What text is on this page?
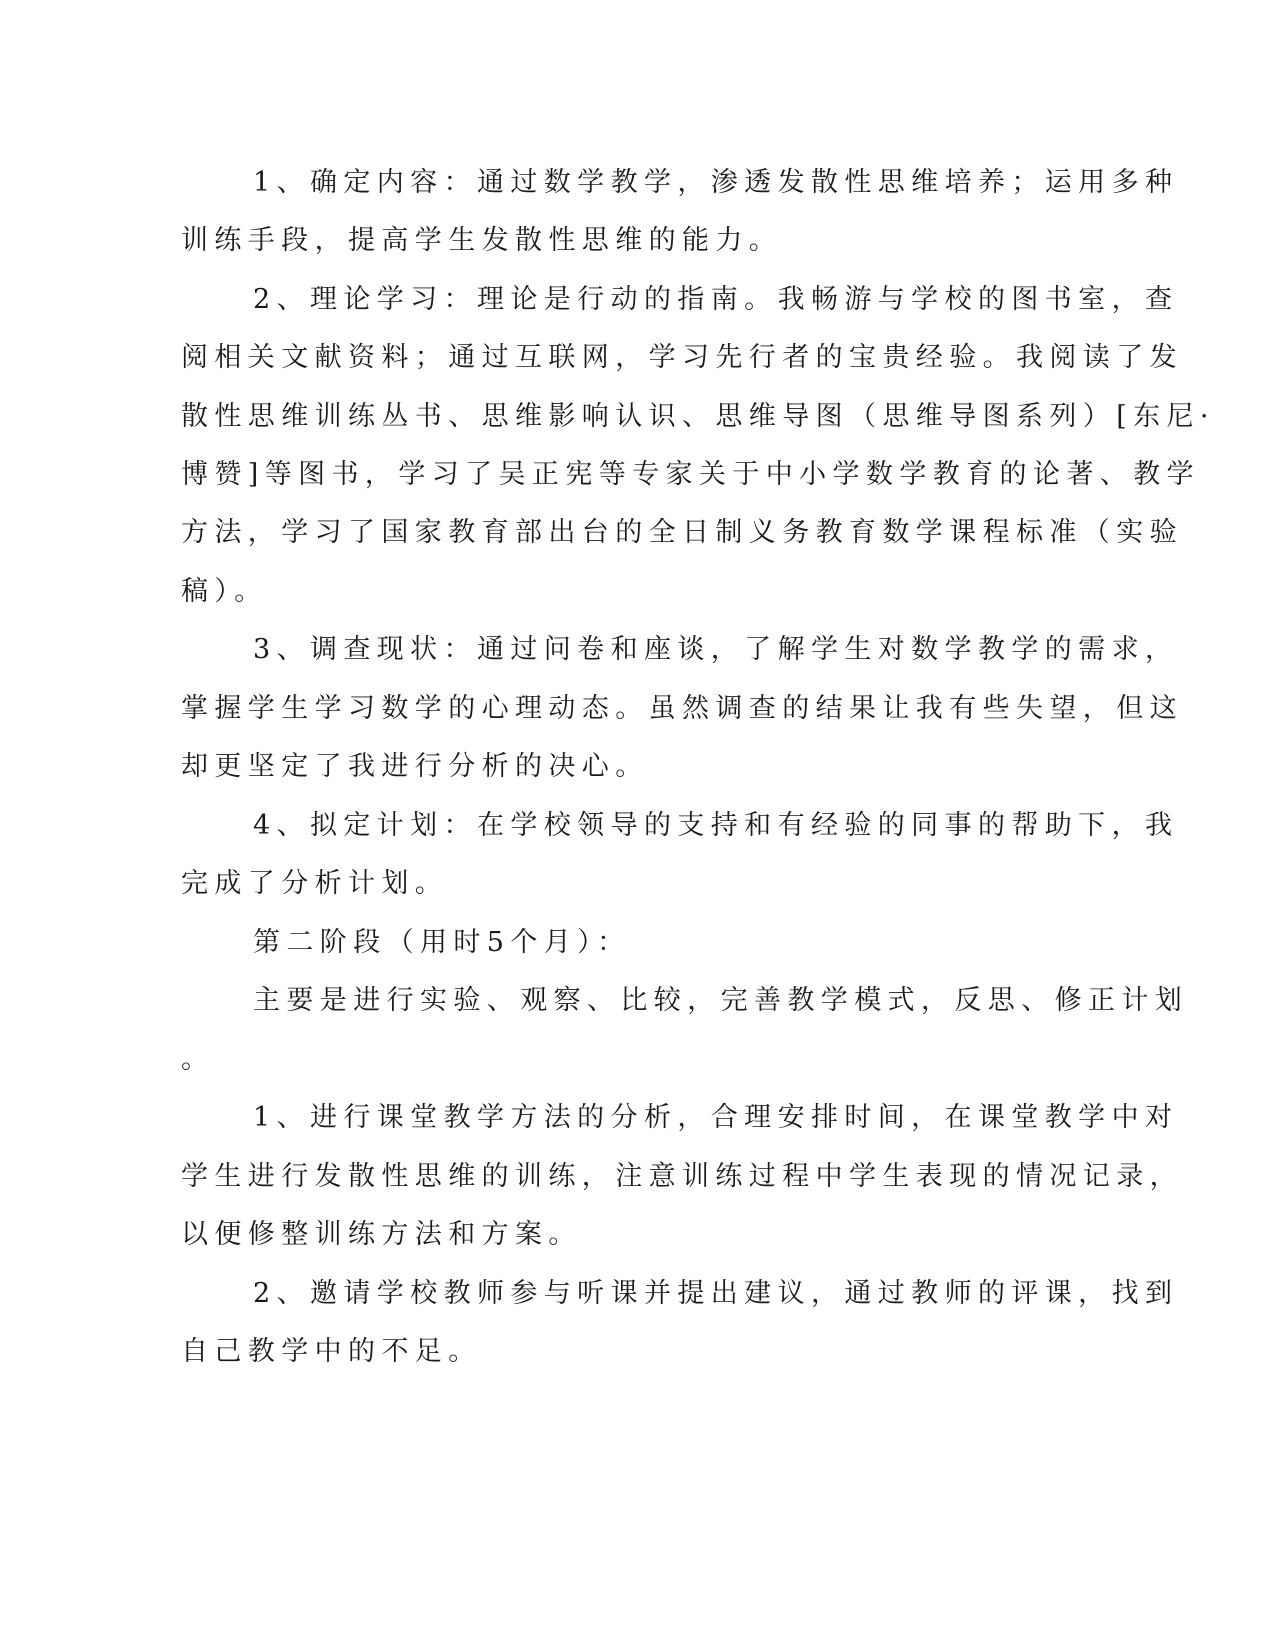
1、确定内容：通过数学教学，渗透发散性思维培养；运用多种
训练手段，提高学生发散性思维的能力。
2、理论学习：理论是行动的指南。我畅游与学校的图书室，查
阅相关文献资料；通过互联网，学习先行者的宝贵经验。我阅读了发
散性思维训练丛书、思维影响认识、思维导图（思维导图系列）[东尼·
博赞]等图书，学习了吴正宪等专家关于中小学数学教育的论著、教学
方法，学习了国家教育部出台的全日制义务教育数学课程标准（实验
稿）。
3、调查现状：通过问卷和座谈，了解学生对数学教学的需求，
掌握学生学习数学的心理动态。虽然调查的结果让我有些失望，但这
却更坚定了我进行分析的决心。
4、拟定计划：在学校领导的支持和有经验的同事的帮助下，我
完成了分析计划。
第二阶段（用时5个月）：
主要是进行实验、观察、比较，完善教学模式，反思、修正计划
。
1、进行课堂教学方法的分析，合理安排时间，在课堂教学中对
学生进行发散性思维的训练，注意训练过程中学生表现的情况记录，
以便修整训练方法和方案。
2、邀请学校教师参与听课并提出建议，通过教师的评课，找到
自己教学中的不足。
